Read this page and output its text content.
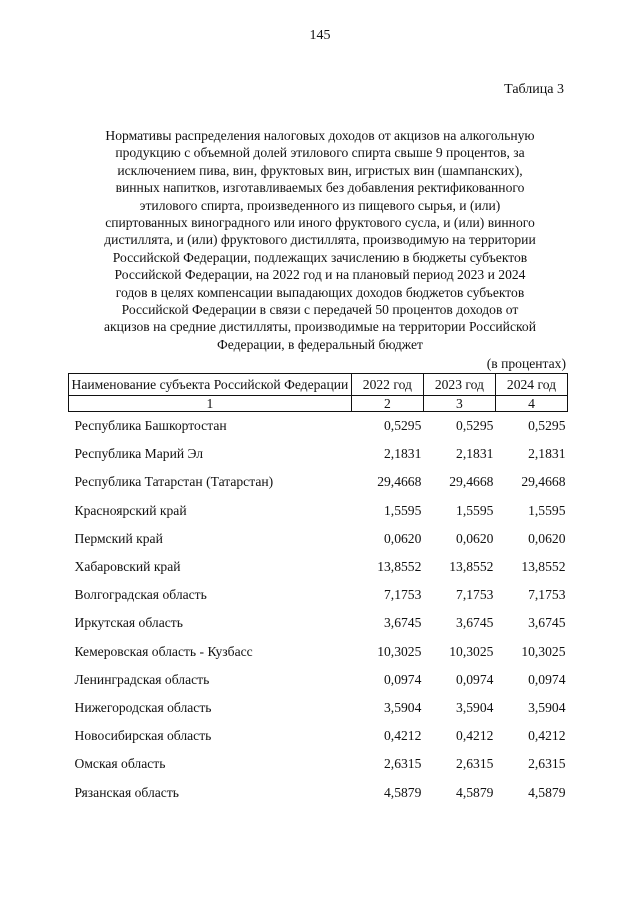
145
Таблица 3
Нормативы распределения налоговых доходов от акцизов на алкогольную
продукцию с объемной долей этилового спирта свыше 9 процентов, за
исключением пива, вин, фруктовых вин, игристых вин (шампанских),
винных напитков, изготавливаемых без добавления ректификованного
этилового спирта, произведенного из пищевого сырья, и (или)
спиртованных виноградного или иного фруктового сусла, и (или) винного
дистиллята, и (или) фруктового дистиллята, производимую на территории
Российской Федерации, подлежащих зачислению в бюджеты субъектов
Российской Федерации, на 2022 год и на плановый период 2023 и 2024
годов в целях компенсации выпадающих доходов бюджетов субъектов
Российской Федерации в связи с передачей 50 процентов доходов от
акцизов на средние дистилляты, производимые на территории Российской
Федерации, в федеральный бюджет
(в процентах)
Наименование субъекта Российской Федерации	2022 год	2023 год	2024 год
1	2	3	4
Республика Башкортостан	0,5295	0,5295	0,5295
Республика Марий Эл	2,1831	2,1831	2,1831
Республика Татарстан (Татарстан)	29,4668	29,4668	29,4668
Красноярский край	1,5595	1,5595	1,5595
Пермский край	0,0620	0,0620	0,0620
Хабаровский край	13,8552	13,8552	13,8552
Волгоградская область	7,1753	7,1753	7,1753
Иркутская область	3,6745	3,6745	3,6745
Кемеровская область - Кузбасс	10,3025	10,3025	10,3025
Ленинградская область	0,0974	0,0974	0,0974
Нижегородская область	3,5904	3,5904	3,5904
Новосибирская область	0,4212	0,4212	0,4212
Омская область	2,6315	2,6315	2,6315
Рязанская область	4,5879	4,5879	4,5879
